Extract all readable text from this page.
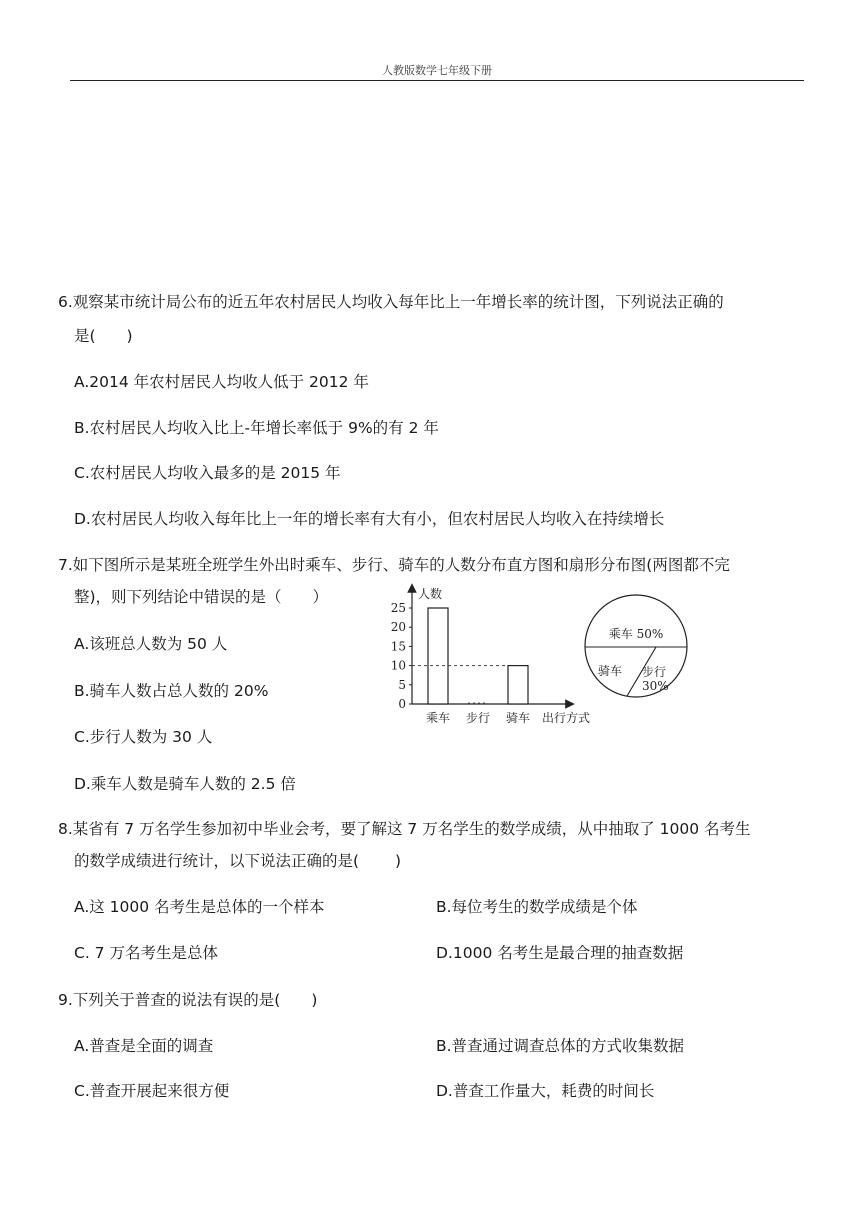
人教版数学七年级下册
6.观察某市统计局公布的近五年农村居民人均收入每年比上一年增长率的统计图，下列说法正确的
是(　　)
A.2014 年农村居民人均收人低于 2012 年
B.农村居民人均收入比上-年增长率低于 9%的有 2 年
C.农村居民人均收入最多的是 2015 年
D.农村居民人均收入每年比上一年的增长率有大有小，但农村居民人均收入在持续增长
7.如下图所示是某班全班学生外出时乘车、步行、骑车的人数分布直方图和扇形分布图(两图都不完
整)，则下列结论中错误的是（　　）
A.该班总人数为 50 人
B.骑车人数占总人数的 20%
C.步行人数为 30 人
D.乘车人数是骑车人数的 2.5 倍
人数
出行方式
0
5
10
15
20
25
乘车 步行 骑车
乘车 50%
骑车 步行
30%
8.某省有 7 万名学生参加初中毕业会考，要了解这 7 万名学生的数学成绩，从中抽取了 1000 名考生
的数学成绩进行统计，以下说法正确的是(　　 )
A.这 1000 名考生是总体的一个样本	B.每位考生的数学成绩是个体
C. 7 万名考生是总体	D.1000 名考生是最合理的抽查数据
9.下列关于普查的说法有误的是(　　)
A.普查是全面的调查	B.普查通过调查总体的方式收集数据
C.普查开展起来很方便	D.普查工作量大，耗费的时间长
